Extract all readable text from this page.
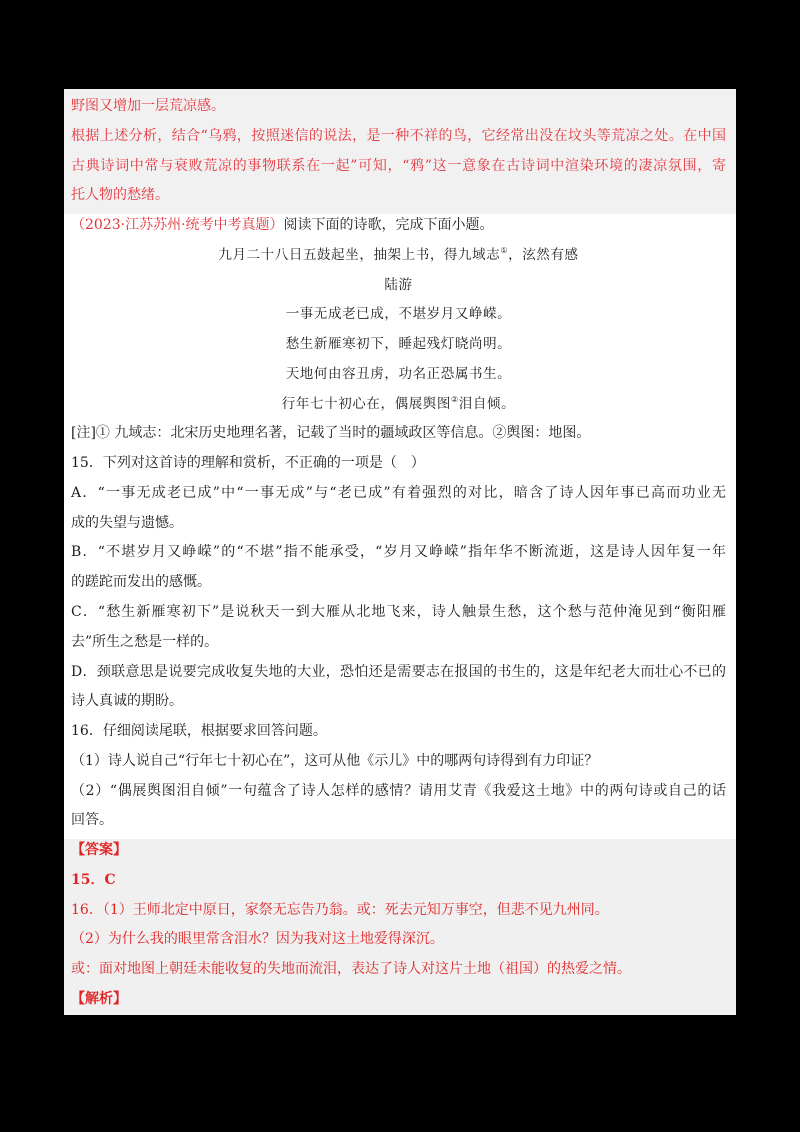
野图又增加一层荒凉感。
根据上述分析，结合“乌鸦，按照迷信的说法，是一种不祥的鸟，它经常出没在坟头等荒凉之处。在中国
古典诗词中常与衰败荒凉的事物联系在一起”可知，“鸦”这一意象在古诗词中渲染环境的凄凉氛围，寄
托人物的愁绪。
（2023·江苏苏州·统考中考真题）阅读下面的诗歌，完成下面小题。
九月二十八日五鼓起坐，抽架上书，得九域志①，泫然有感
陆游
一事无成老已成，不堪岁月又峥嵘。
愁生新雁寒初下，睡起残灯晓尚明。
天地何由容丑虏，功名正恐属书生。
行年七十初心在，偶展舆图②泪自倾。
[注]① 九域志：北宋历史地理名著，记载了当时的疆域政区等信息。②舆图：地图。
15．下列对这首诗的理解和赏析，不正确的一项是（　）
A．“一事无成老已成”中“一事无成”与“老已成”有着强烈的对比，暗含了诗人因年事已高而功业无
成的失望与遗憾。
B．“不堪岁月又峥嵘”的“不堪”指不能承受，“岁月又峥嵘”指年华不断流逝，这是诗人因年复一年
的蹉跎而发出的感慨。
C．“愁生新雁寒初下”是说秋天一到大雁从北地飞来，诗人触景生愁，这个愁与范仲淹见到“衡阳雁
去”所生之愁是一样的。
D．颈联意思是说要完成收复失地的大业，恐怕还是需要志在报国的书生的，这是年纪老大而壮心不已的
诗人真诚的期盼。
16．仔细阅读尾联，根据要求回答问题。
（1）诗人说自己“行年七十初心在”，这可从他《示儿》中的哪两句诗得到有力印证？
（2）“偶展舆图泪自倾”一句蕴含了诗人怎样的感情？请用艾青《我爱这土地》中的两句诗或自己的话
回答。
【答案】
15．C
16．（1）王师北定中原日，家祭无忘告乃翁。或：死去元知万事空，但悲不见九州同。
（2）为什么我的眼里常含泪水？因为我对这土地爱得深沉。
或：面对地图上朝廷未能收复的失地而流泪，表达了诗人对这片土地（祖国）的热爱之情。
【解析】
